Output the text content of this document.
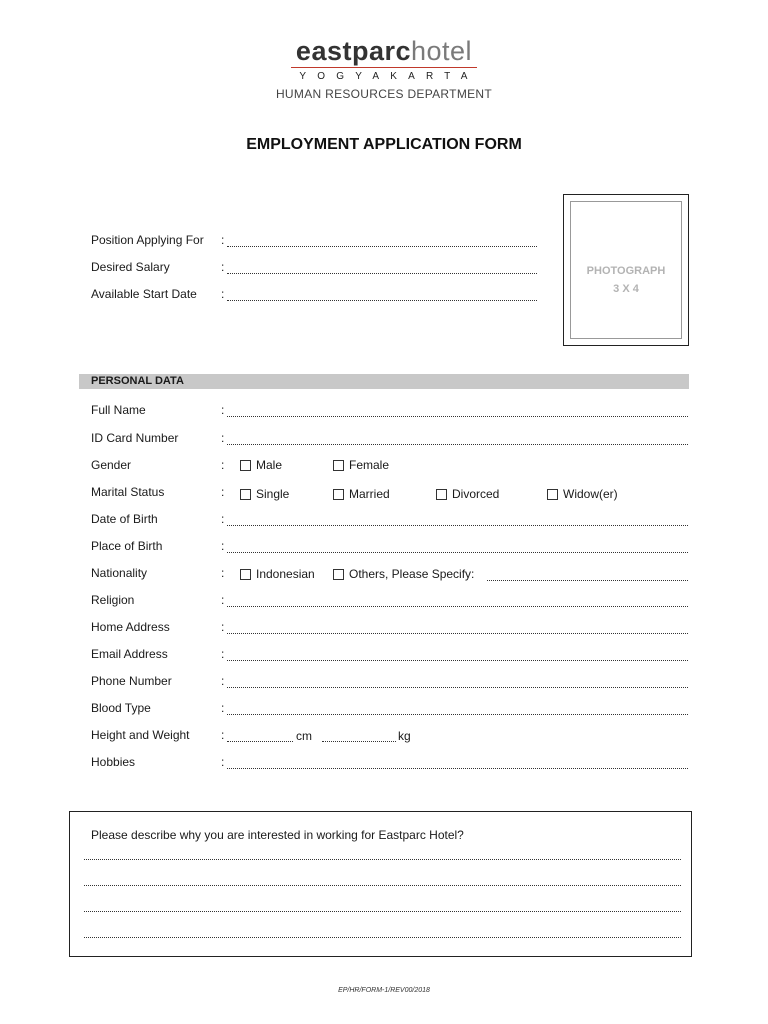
eastparchotel
YOGYAKARTA
HUMAN RESOURCES DEPARTMENT
EMPLOYMENT APPLICATION FORM
PHOTOGRAPH
3 X 4
Position Applying For :
Desired Salary	:
Available Start Date :
PERSONAL DATA
Full Name	:
ID Card Number	:
Gender	:	Male	Female
Marital Status	:	Single	Married	Divorced	Widow(er)
Date of Birth	:
Place of Birth	:
Nationality	:	Indonesian	Others, Please Specify:
Religion	:
Home Address	:
Email Address	:
Phone Number	:
Blood Type	:
Height and Weight	:	cm	kg
Hobbies	:
Please describe why you are interested in working for Eastparc Hotel?
EP/HR/FORM-1/REV00/2018
